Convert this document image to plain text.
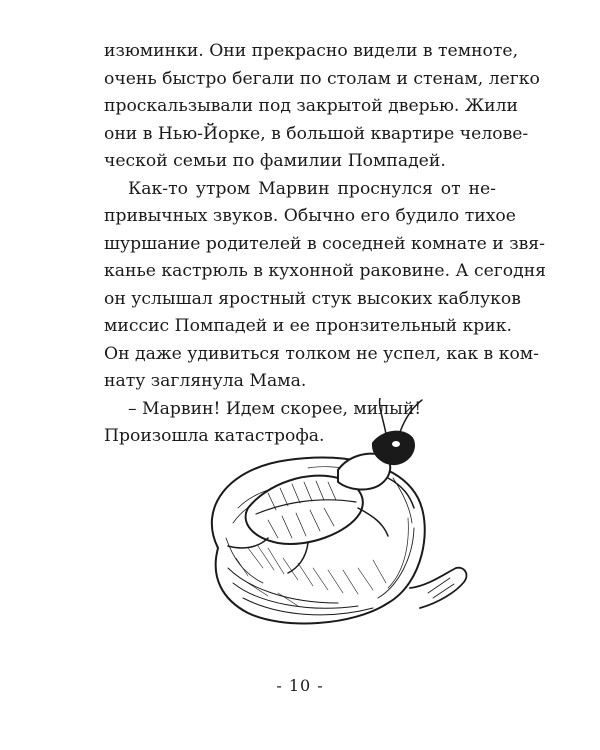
изюминки. Они прекрасно видели в темноте,
очень быстро бегали по столам и стенам, легко
проскальзывали под закрытой дверью. Жили
они в Нью-Йорке, в большой квартире челове-
ческой семьи по фамилии Помпадей.
Как-то утром Марвин проснулся от не-
привычных звуков. Обычно его будило тихое
шуршание родителей в соседней комнате и звя-
канье кастрюль в кухонной раковине. А сегодня
он услышал яростный стук высоких каблуков
миссис Помпадей и ее пронзительный крик.
Он даже удивиться толком не успел, как в ком-
нату заглянула Мама.
– Марвин! Идем скорее, милый!
Произошла катастрофа.
- 10 -
